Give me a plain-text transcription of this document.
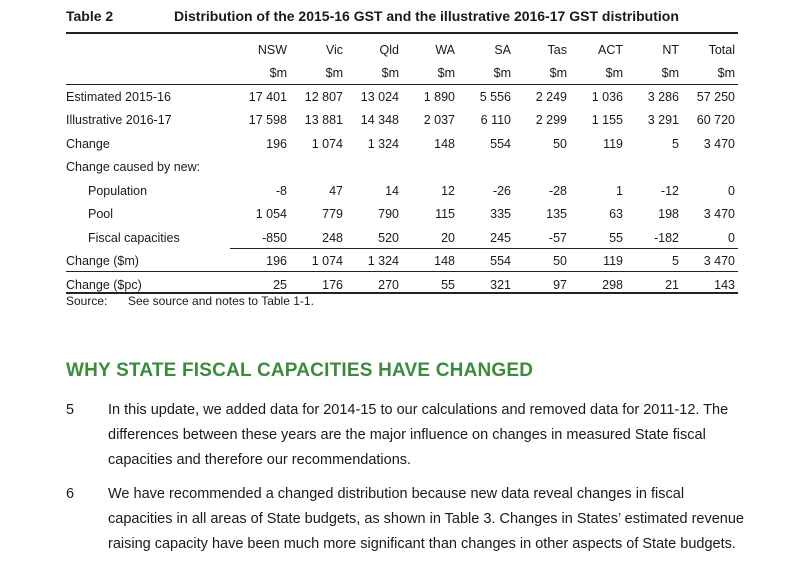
Table 2	Distribution of the 2015-16 GST and the illustrative 2016-17 GST distribution
	NSW	Vic	Qld	WA	SA	Tas	ACT	NT	Total
	$m	$m	$m	$m	$m	$m	$m	$m	$m
Estimated 2015-16	17 401	12 807	13 024	1 890	5 556	2 249	1 036	3 286	57 250
Illustrative 2016-17	17 598	13 881	14 348	2 037	6 110	2 299	1 155	3 291	60 720
Change	196	1 074	1 324	148	554	50	119	5	3 470
Change caused by new:									
Population	-8	47	14	12	-26	-28	1	-12	0
Pool	1 054	779	790	115	335	135	63	198	3 470
Fiscal capacities	-850	248	520	20	245	-57	55	-182	0
Change ($m)	196	1 074	1 324	148	554	50	119	5	3 470
Change ($pc)	25	176	270	55	321	97	298	21	143
Source: See source and notes to Table 1-1.
WHY STATE FISCAL CAPACITIES HAVE CHANGED
5 In this update, we added data for 2014-15 to our calculations and removed data for 2011-12. The differences between these years are the major influence on changes in measured State fiscal capacities and therefore our recommendations.
6 We have recommended a changed distribution because new data reveal changes in fiscal capacities in all areas of State budgets, as shown in Table 3. Changes in States’ estimated revenue raising capacity have been much more significant than changes in other aspects of State budgets.
